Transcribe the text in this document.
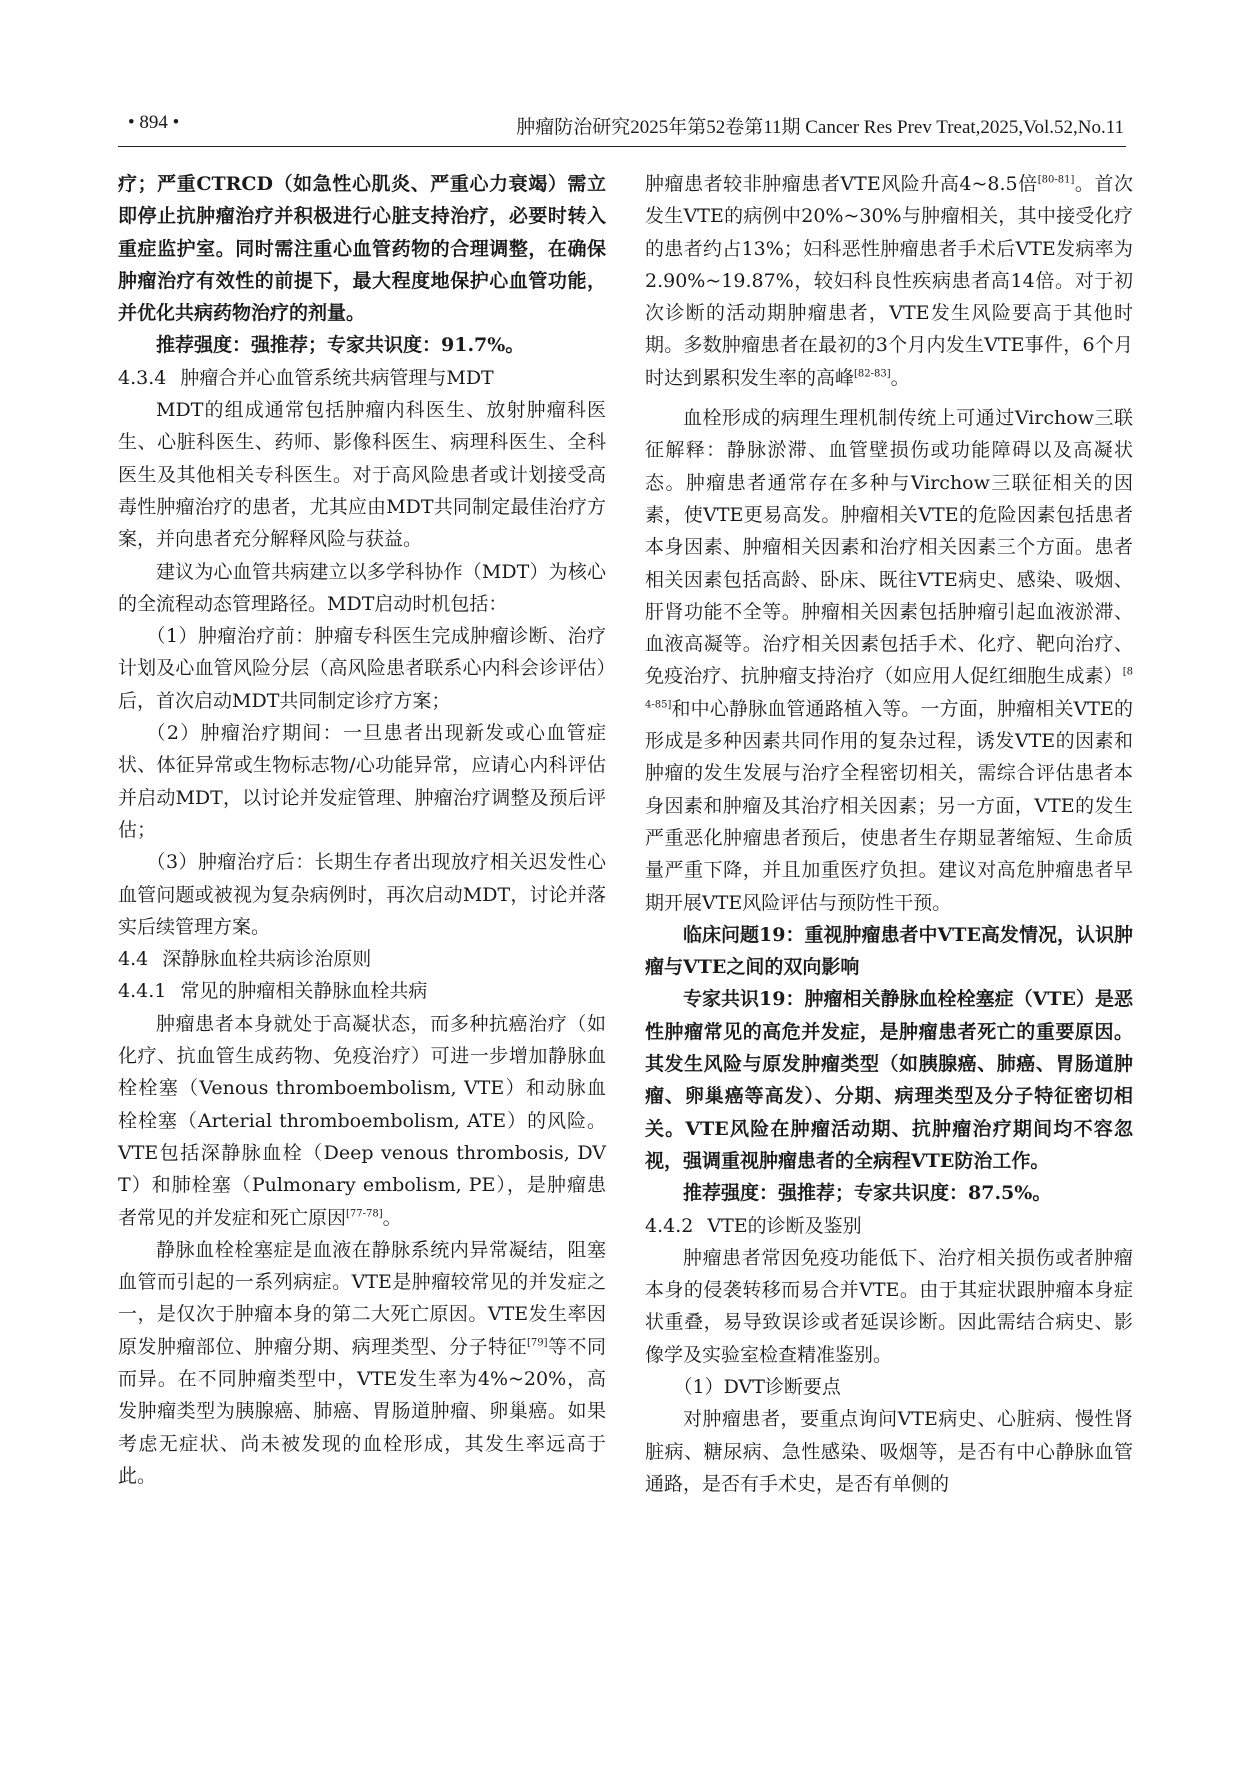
• 894 •	肿瘤防治研究2025年第52卷第11期 Cancer Res Prev Treat,2025,Vol.52,No.11

疗；严重CTRCD（如急性心肌炎、严重心力衰竭）需立即停止抗肿瘤治疗并积极进行心脏支持治疗，必要时转入重症监护室。同时需注重心血管药物的合理调整，在确保肿瘤治疗有效性的前提下，最大程度地保护心血管功能，并优化共病药物治疗的剂量。

推荐强度：强推荐；专家共识度：91.7%。

4.3.4 肿瘤合并心血管系统共病管理与MDT

MDT的组成通常包括肿瘤内科医生、放射肿瘤科医生、心脏科医生、药师、影像科医生、病理科医生、全科医生及其他相关专科医生。对于高风险患者或计划接受高毒性肿瘤治疗的患者，尤其应由MDT共同制定最佳治疗方案，并向患者充分解释风险与获益。

建议为心血管共病建立以多学科协作（MDT）为核心的全流程动态管理路径。MDT启动时机包括：

（1）肿瘤治疗前：肿瘤专科医生完成肿瘤诊断、治疗计划及心血管风险分层（高风险患者联系心内科会诊评估）后，首次启动MDT共同制定诊疗方案；

（2）肿瘤治疗期间：一旦患者出现新发或心血管症状、体征异常或生物标志物/心功能异常，应请心内科评估并启动MDT，以讨论并发症管理、肿瘤治疗调整及预后评估；

（3）肿瘤治疗后：长期生存者出现放疗相关迟发性心血管问题或被视为复杂病例时，再次启动MDT，讨论并落实后续管理方案。

4.4 深静脉血栓共病诊治原则

4.4.1 常见的肿瘤相关静脉血栓共病

肿瘤患者本身就处于高凝状态，而多种抗癌治疗（如化疗、抗血管生成药物、免疫治疗）可进一步增加静脉血栓栓塞（Venous thromboembolism, VTE）和动脉血栓栓塞（Arterial thromboembolism, ATE）的风险。VTE包括深静脉血栓（Deep venous thrombosis, DVT）和肺栓塞（Pulmonary embolism, PE），是肿瘤患者常见的并发症和死亡原因[77-78]。

静脉血栓栓塞症是血液在静脉系统内异常凝结，阻塞血管而引起的一系列病症。VTE是肿瘤较常见的并发症之一，是仅次于肿瘤本身的第二大死亡原因。VTE发生率因原发肿瘤部位、肿瘤分期、病理类型、分子特征[79]等不同而异。在不同肿瘤类型中，VTE发生率为4%~20%，高发肿瘤类型为胰腺癌、肺癌、胃肠道肿瘤、卵巢癌。如果考虑无症状、尚未被发现的血栓形成，其发生率远高于此。

肿瘤患者较非肿瘤患者VTE风险升高4~8.5倍[80-81]。首次发生VTE的病例中20%~30%与肿瘤相关，其中接受化疗的患者约占13%；妇科恶性肿瘤患者手术后VTE发病率为2.90%~19.87%，较妇科良性疾病患者高14倍。对于初次诊断的活动期肿瘤患者，VTE发生风险要高于其他时期。多数肿瘤患者在最初的3个月内发生VTE事件，6个月时达到累积发生率的高峰[82-83]。

血栓形成的病理生理机制传统上可通过Virchow三联征解释：静脉淤滞、血管壁损伤或功能障碍以及高凝状态。肿瘤患者通常存在多种与Virchow三联征相关的因素，使VTE更易高发。肿瘤相关VTE的危险因素包括患者本身因素、肿瘤相关因素和治疗相关因素三个方面。患者相关因素包括高龄、卧床、既往VTE病史、感染、吸烟、肝肾功能不全等。肿瘤相关因素包括肿瘤引起血液淤滞、血液高凝等。治疗相关因素包括手术、化疗、靶向治疗、免疫治疗、抗肿瘤支持治疗（如应用人促红细胞生成素）[84-85]和中心静脉血管通路植入等。一方面，肿瘤相关VTE的形成是多种因素共同作用的复杂过程，诱发VTE的因素和肿瘤的发生发展与治疗全程密切相关，需综合评估患者本身因素和肿瘤及其治疗相关因素；另一方面，VTE的发生严重恶化肿瘤患者预后，使患者生存期显著缩短、生命质量严重下降，并且加重医疗负担。建议对高危肿瘤患者早期开展VTE风险评估与预防性干预。

临床问题19：重视肿瘤患者中VTE高发情况，认识肿瘤与VTE之间的双向影响

专家共识19：肿瘤相关静脉血栓栓塞症（VTE）是恶性肿瘤常见的高危并发症，是肿瘤患者死亡的重要原因。其发生风险与原发肿瘤类型（如胰腺癌、肺癌、胃肠道肿瘤、卵巢癌等高发）、分期、病理类型及分子特征密切相关。VTE风险在肿瘤活动期、抗肿瘤治疗期间均不容忽视，强调重视肿瘤患者的全病程VTE防治工作。

推荐强度：强推荐；专家共识度：87.5%。

4.4.2 VTE的诊断及鉴别

肿瘤患者常因免疫功能低下、治疗相关损伤或者肿瘤本身的侵袭转移而易合并VTE。由于其症状跟肿瘤本身症状重叠，易导致误诊或者延误诊断。因此需结合病史、影像学及实验室检查精准鉴别。

（1）DVT诊断要点

对肿瘤患者，要重点询问VTE病史、心脏病、慢性肾脏病、糖尿病、急性感染、吸烟等，是否有中心静脉血管通路，是否有手术史，是否有单侧的
